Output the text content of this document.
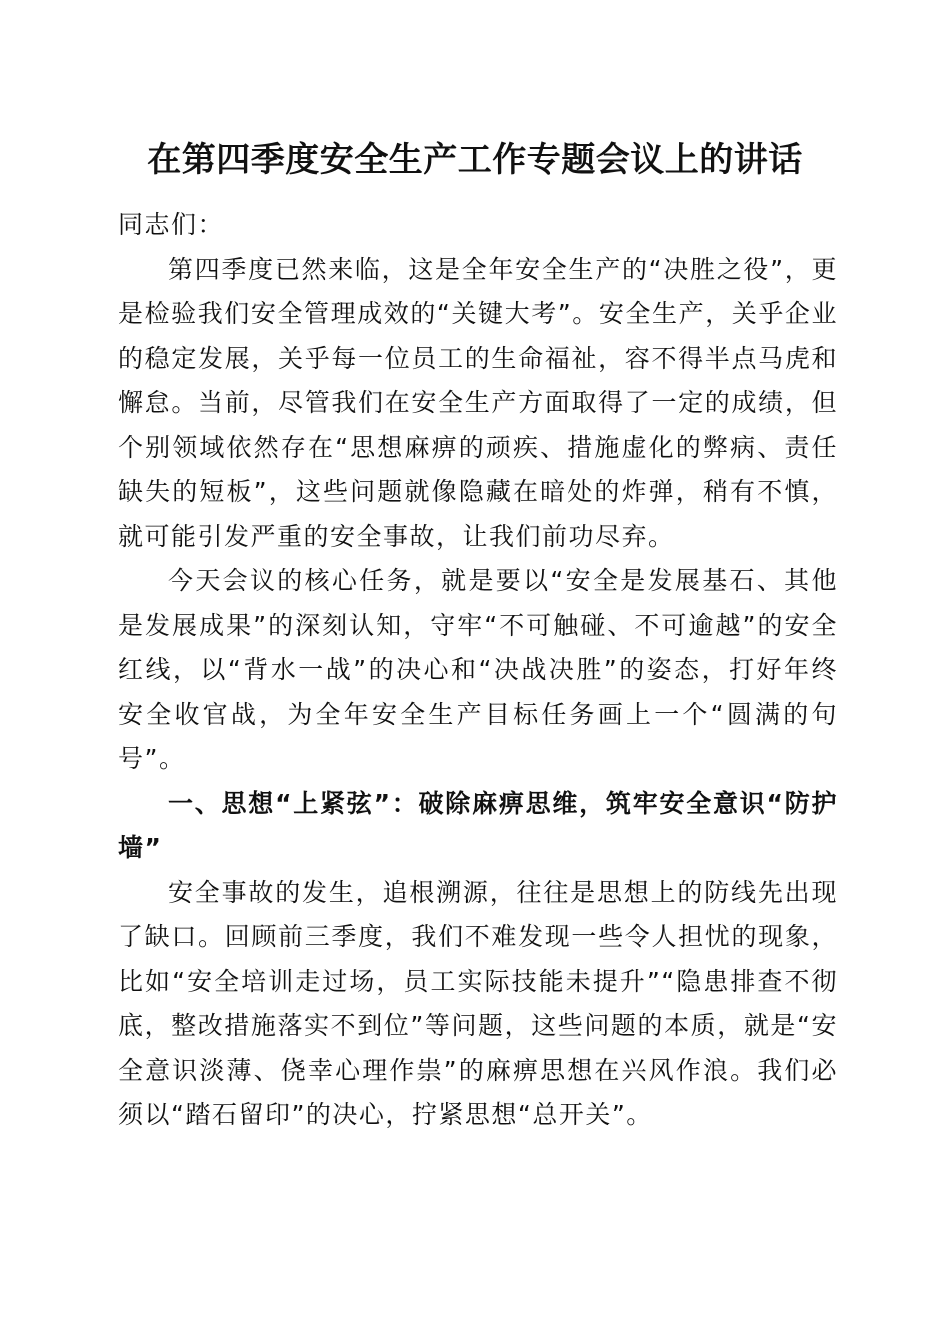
在第四季度安全生产工作专题会议上的讲话

同志们：

第四季度已然来临，这是全年安全生产的“决胜之役”，更是检验我们安全管理成效的“关键大考”。安全生产，关乎企业的稳定发展，关乎每一位员工的生命福祉，容不得半点马虎和懈怠。当前，尽管我们在安全生产方面取得了一定的成绩，但个别领域依然存在“思想麻痹的顽疾、措施虚化的弊病、责任缺失的短板”，这些问题就像隐藏在暗处的炸弹，稍有不慎，就可能引发严重的安全事故，让我们前功尽弃。

今天会议的核心任务，就是要以“安全是发展基石、其他是发展成果”的深刻认知，守牢“不可触碰、不可逾越”的安全红线，以“背水一战”的决心和“决战决胜”的姿态，打好年终安全收官战，为全年安全生产目标任务画上一个“圆满的句号”。

一、思想“上紧弦”：破除麻痹思维，筑牢安全意识“防护墙”

安全事故的发生，追根溯源，往往是思想上的防线先出现了缺口。回顾前三季度，我们不难发现一些令人担忧的现象，比如“安全培训走过场，员工实际技能未提升”“隐患排查不彻底，整改措施落实不到位”等问题，这些问题的本质，就是“安全意识淡薄、侥幸心理作祟”的麻痹思想在兴风作浪。我们必须以“踏石留印”的决心，拧紧思想“总开关”。
